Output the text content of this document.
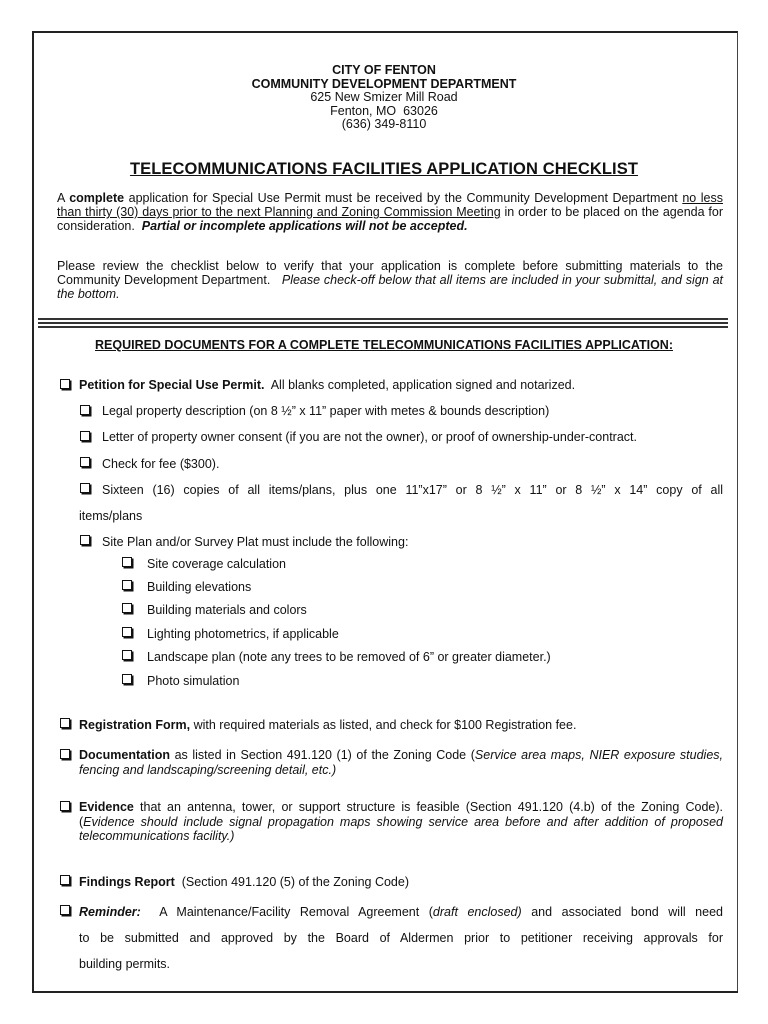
CITY OF FENTON
COMMUNITY DEVELOPMENT DEPARTMENT
625 New Smizer Mill Road
Fenton, MO  63026
(636) 349-8110
TELECOMMUNICATIONS FACILITIES APPLICATION CHECKLIST
A complete application for Special Use Permit must be received by the Community Development Department no less than thirty (30) days prior to the next Planning and Zoning Commission Meeting in order to be placed on the agenda for consideration.  Partial or incomplete applications will not be accepted.
Please review the checklist below to verify that your application is complete before submitting materials to the Community Development Department.   Please check-off below that all items are included in your submittal, and sign at the bottom.
REQUIRED DOCUMENTS FOR A COMPLETE TELECOMMUNICATIONS FACILITIES APPLICATION:
Petition for Special Use Permit.  All blanks completed, application signed and notarized.
Legal property description (on 8 ½” x 11” paper with metes & bounds description)
Letter of property owner consent (if you are not the owner), or proof of ownership-under-contract.
Check for fee ($300).
Sixteen (16) copies of all items/plans, plus one 11”x17” or 8 ½” x 11” or 8 ½” x 14” copy of all
items/plans
Site Plan and/or Survey Plat must include the following:
Site coverage calculation
Building elevations
Building materials and colors
Lighting photometrics, if applicable
Landscape plan (note any trees to be removed of 6” or greater diameter.)
Photo simulation
Registration Form, with required materials as listed, and check for $100 Registration fee.
Documentation as listed in Section 491.120 (1) of the Zoning Code (Service area maps, NIER exposure studies, fencing and landscaping/screening detail, etc.)
Evidence that an antenna, tower, or support structure is feasible (Section 491.120 (4.b) of the Zoning Code).  (Evidence should include signal propagation maps showing service area before and after addition of proposed telecommunications facility.)
Findings Report  (Section 491.120 (5) of the Zoning Code)
Reminder:  A Maintenance/Facility Removal Agreement (draft enclosed) and associated bond will need
to be submitted and approved by the Board of Aldermen prior to petitioner receiving approvals for
building permits.
